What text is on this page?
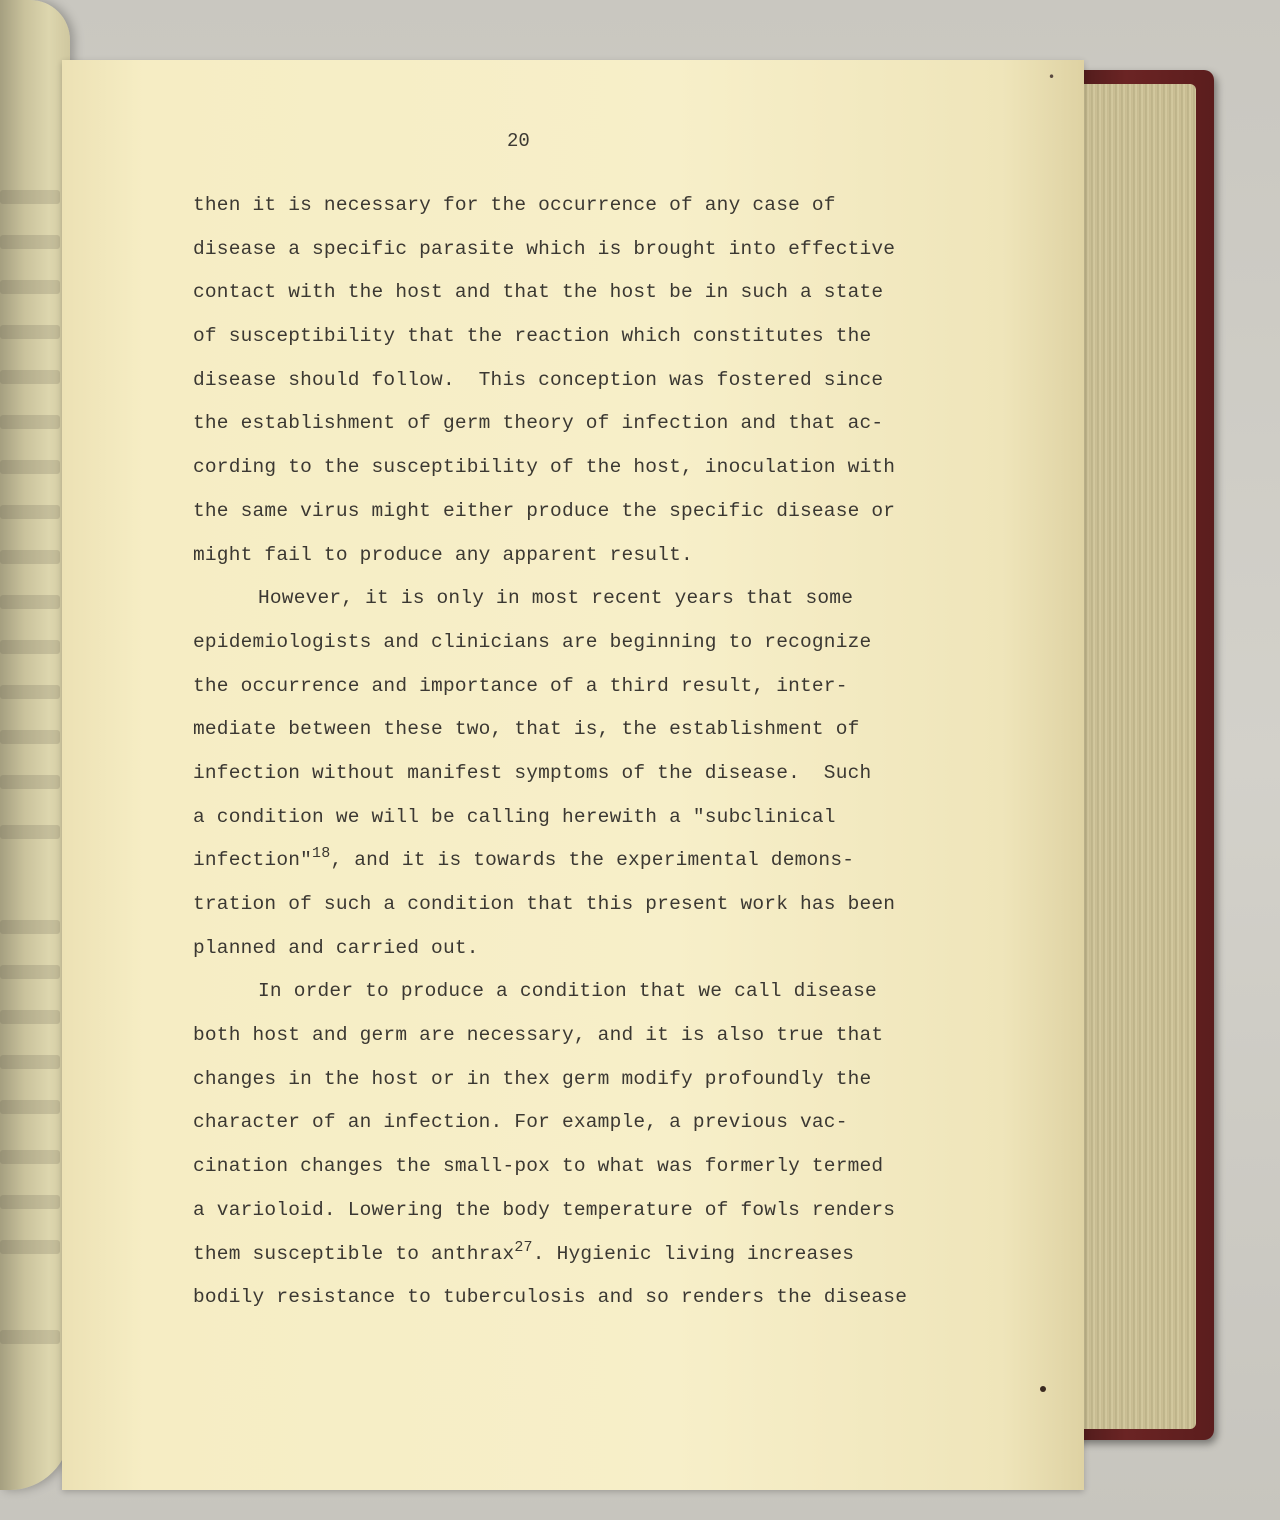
•
20
then it is necessary for the occurrence of any case of
disease a specific parasite which is brought into effective
contact with the host and that the host be in such a state
of susceptibility that the reaction which constitutes the
disease should follow.  This conception was fostered since
the establishment of germ theory of infection and that ac-
cording to the susceptibility of the host, inoculation with
the same virus might either produce the specific disease or
might fail to produce any apparent result.
However, it is only in most recent years that some
epidemiologists and clinicians are beginning to recognize
the occurrence and importance of a third result, inter-
mediate between these two, that is, the establishment of
infection without manifest symptoms of the disease.  Such
a condition we will be calling herewith a "subclinical
infection"$^{18}$, and it is towards the experimental demons-
tration of such a condition that this present work has been
planned and carried out.
In order to produce a condition that we call disease
both host and germ are necessary, and it is also true that
changes in the host or in thex germ modify profoundly the
character of an infection. For example, a previous vac-
cination changes the small-pox to what was formerly termed
a varioloid. Lowering the body temperature of fowls renders
them susceptible to anthrax$^{27}$. Hygienic living increases
bodily resistance to tuberculosis and so renders the disease
